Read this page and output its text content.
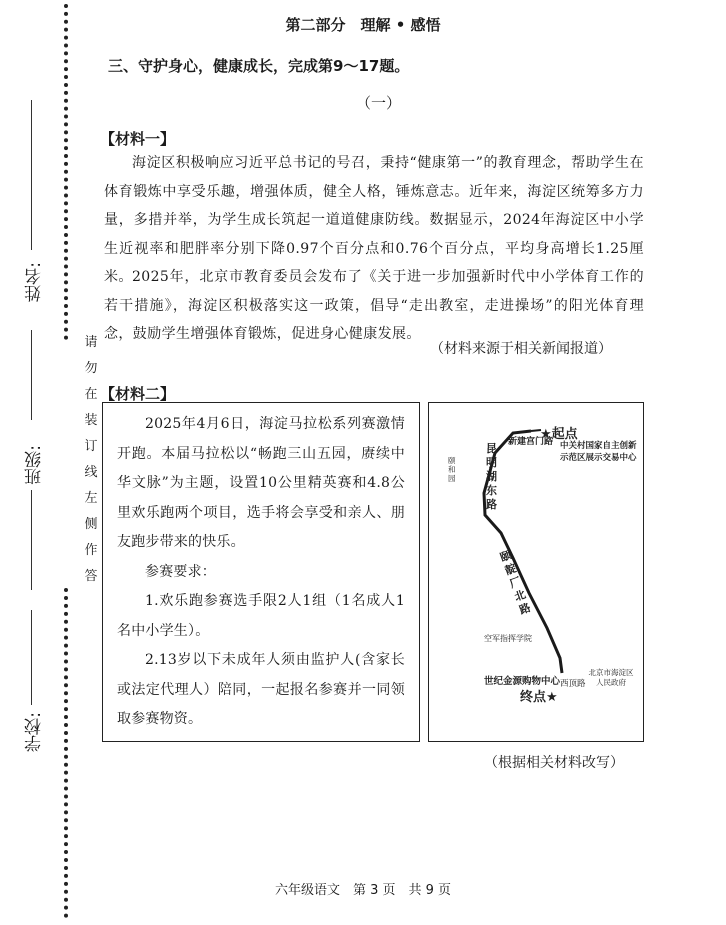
姓名:
班级:
学校:
请
勿
在
装
订
线
左
侧
作
答
第二部分　理解 • 感悟
三、守护身心，健康成长，完成第9～17题。
（一）
【材料一】
海淀区积极响应习近平总书记的号召，秉持“健康第一”的教育理念，帮助学生在体育锻炼中享受乐趣，增强体质，健全人格，锤炼意志。近年来，海淀区统筹多方力量，多措并举，为学生成长筑起一道道健康防线。数据显示，2024年海淀区中小学生近视率和肥胖率分别下降0.97个百分点和0.76个百分点，平均身高增长1.25厘米。 2025年，北京市教育委员会发布了《关于进一步加强新时代中小学体育工作的若干措施》，海淀区积极落实这一政策，倡导“走出教室，走进操场”的阳光体育理念，鼓励学生增强体育锻炼，促进身心健康发展。
（材料来源于相关新闻报道）
【材料二】

2025年4月6日，海淀马拉松系列赛激情开跑。本届马拉松以“畅跑三山五园，赓续中华文脉”为主题，设置10公里精英赛和4.8公里欢乐跑两个项目，选手将会享受和亲人、朋友跑步带来的快乐。

参赛要求：

1.欢乐跑参赛选手限2人1组（1名成人1名中小学生）。

2.13岁以下未成年人须由监护人(含家长或法定代理人）陪同，一起报名参赛并一同领取参赛物资。

★起点
中关村国家自主创新示范区展示交易中心
新建宫门路
昆明湖东路
颐和园
颐 靛 厂 北 路
空军指挥学院
世纪金源购物中心 西顶路
终点★
北京市海淀区人民政府
（根据相关材料改写）
六年级语文　第 3 页　共 9 页
